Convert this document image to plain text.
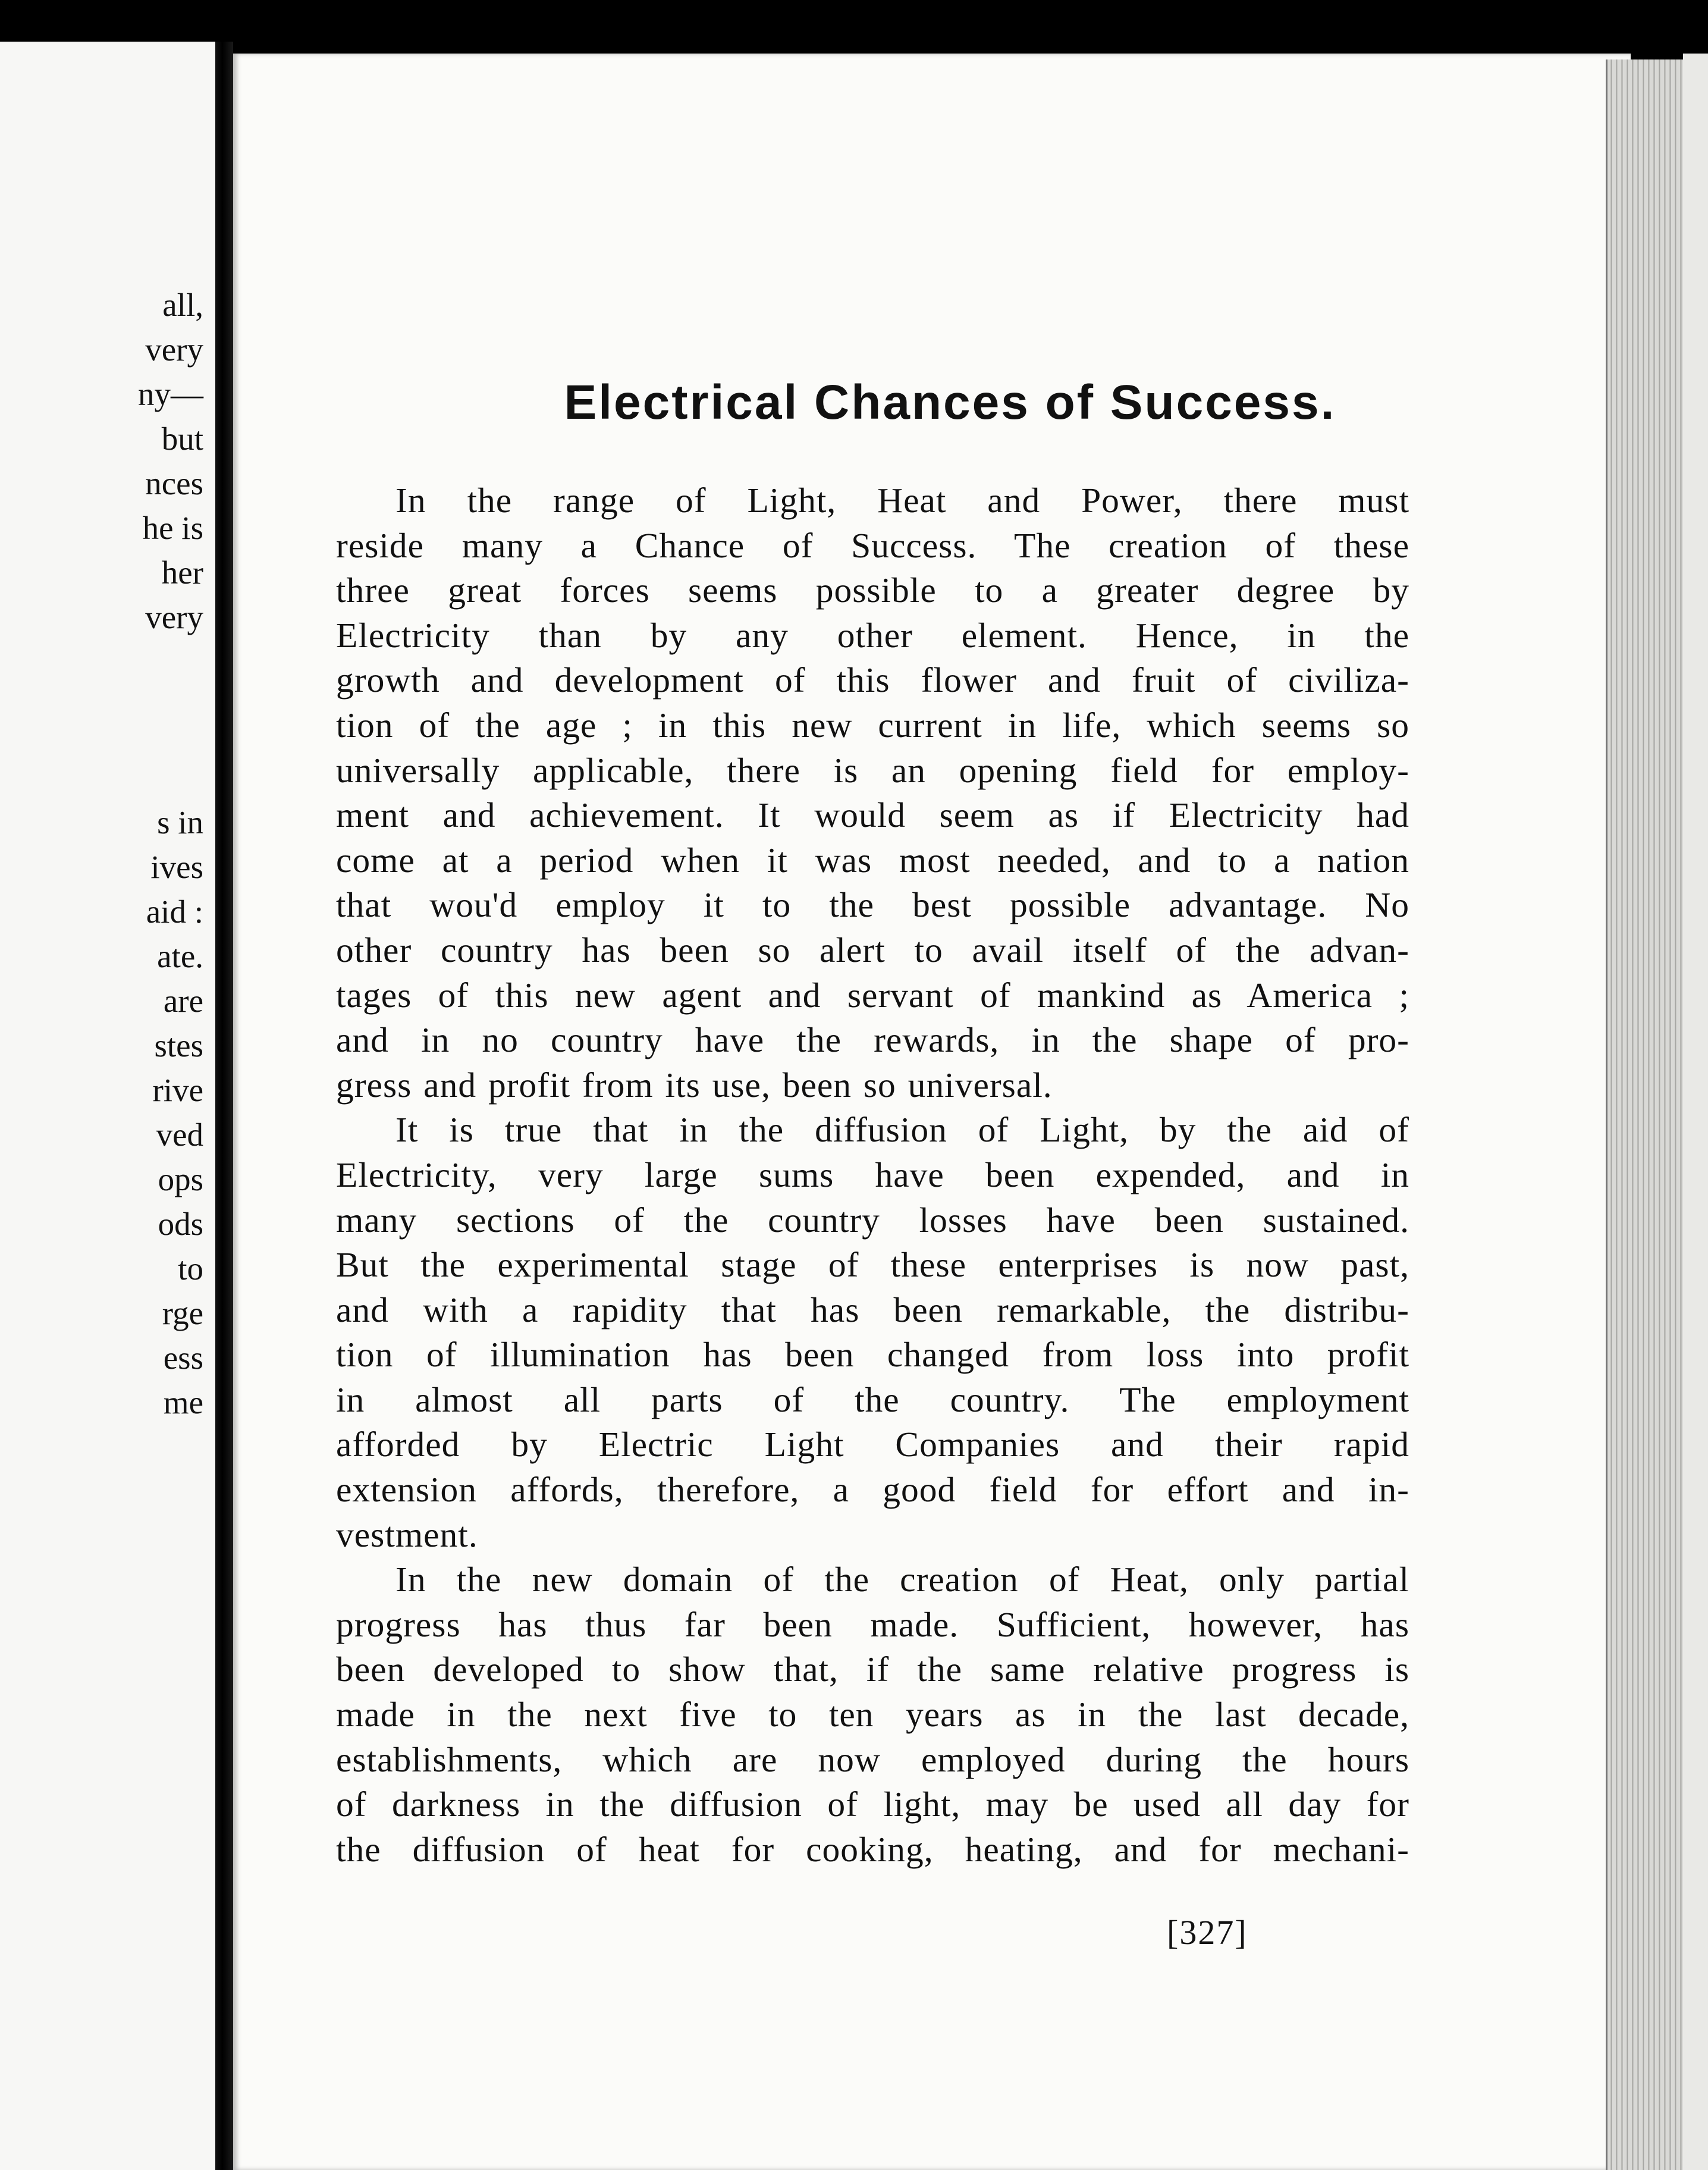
all,
very
ny—
but
nces
he is
her
very
s in
ives
aid :
ate.
are
stes
rive
ved
ops
ods
to
rge
ess
me
Electrical Chances of Success.

In the range of Light, Heat and Power, there must
reside many a Chance of Success. The creation of these
three great forces seems possible to a greater degree by
Electricity than by any other element. Hence, in the
growth and development of this flower and fruit of civiliza-
tion of the age ; in this new current in life, which seems so
universally applicable, there is an opening field for employ-
ment and achievement. It would seem as if Electricity had
come at a period when it was most needed, and to a nation
that wou'd employ it to the best possible advantage. No
other country has been so alert to avail itself of the advan-
tages of this new agent and servant of mankind as America ;
and in no country have the rewards, in the shape of pro-
gress and profit from its use, been so universal.

It is true that in the diffusion of Light, by the aid of
Electricity, very large sums have been expended, and in
many sections of the country losses have been sustained.
But the experimental stage of these enterprises is now past,
and with a rapidity that has been remarkable, the distribu-
tion of illumination has been changed from loss into profit
in almost all parts of the country. The employment
afforded by Electric Light Companies and their rapid
extension affords, therefore, a good field for effort and in-
vestment.

In the new domain of the creation of Heat, only partial
progress has thus far been made. Sufficient, however, has
been developed to show that, if the same relative progress is
made in the next five to ten years as in the last decade,
establishments, which are now employed during the hours
of darkness in the diffusion of light, may be used all day for
the diffusion of heat for cooking, heating, and for mechani-

[327]
